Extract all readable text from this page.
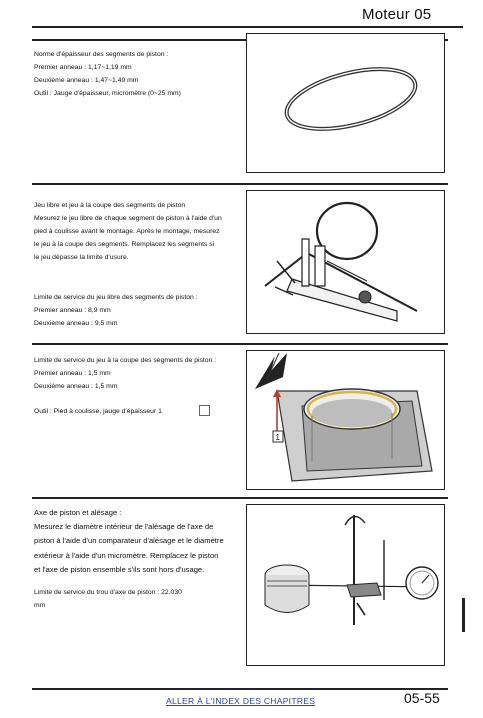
Moteur 05

Norme d'épaisseur des segments de piston :

Premier anneau : 1,17~1,19 mm

Deuxième anneau : 1,47~1,49 mm

Outil : Jauge d'épaisseur, micromètre (0~25 mm)

Jeu libre et jeu à la coupe des segments de piston

Mesurez le jeu libre de chaque segment de piston à l'aide d'un

pied à coulisse avant le montage. Après le montage, mesurez

le jeu à la coupe des segments. Remplacez les segments si

le jeu dépasse la limite d'usure.

Limite de service du jeu libre des segments de piston :

Premier anneau : 8,9 mm

Deuxième anneau : 9,5 mm

Limite de service du jeu à la coupe des segments de piston :

Premier anneau : 1,5 mm

Deuxième anneau : 1,5 mm

Outil : Pied à coulisse, jauge d'épaisseur 1
1

Axe de piston et alésage :

Mesurez le diamètre intérieur de l'alésage de l'axe de

piston à l'aide d'un comparateur d'alésage et le diamètre

extérieur à l'aide d'un micromètre. Remplacez le piston

et l'axe de piston ensemble s'ils sont hors d'usage.

Limite de service du trou d'axe de piston : 22.030

mm

ALLER À L'INDEX DES CHAPITRES	05-55
